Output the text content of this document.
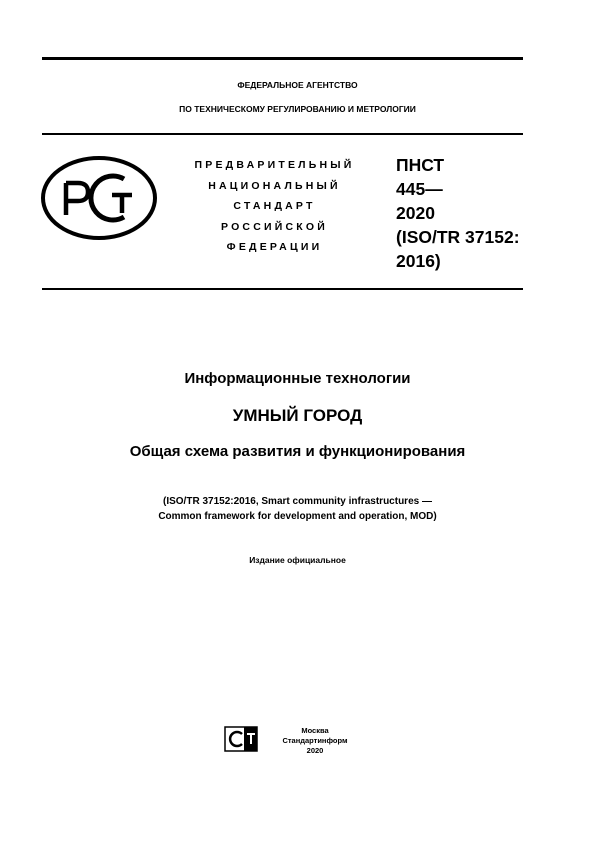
ФЕДЕРАЛЬНОЕ АГЕНТСТВО
ПО ТЕХНИЧЕСКОМУ РЕГУЛИРОВАНИЮ И МЕТРОЛОГИИ
ПРЕДВАРИТЕЛЬНЫЙ
НАЦИОНАЛЬНЫЙ
СТАНДАРТ
РОССИЙСКОЙ
ФЕДЕРАЦИИ
ПНСТ
445—
2020
(ISO/TR 37152:
2016)
Информационные технологии
УМНЫЙ ГОРОД
Общая схема развития и функционирования
(ISO/TR 37152:2016, Smart community infrastructures —
Common framework for development and operation, MOD)
Издание официальное
Москва
Стандартинформ
2020
